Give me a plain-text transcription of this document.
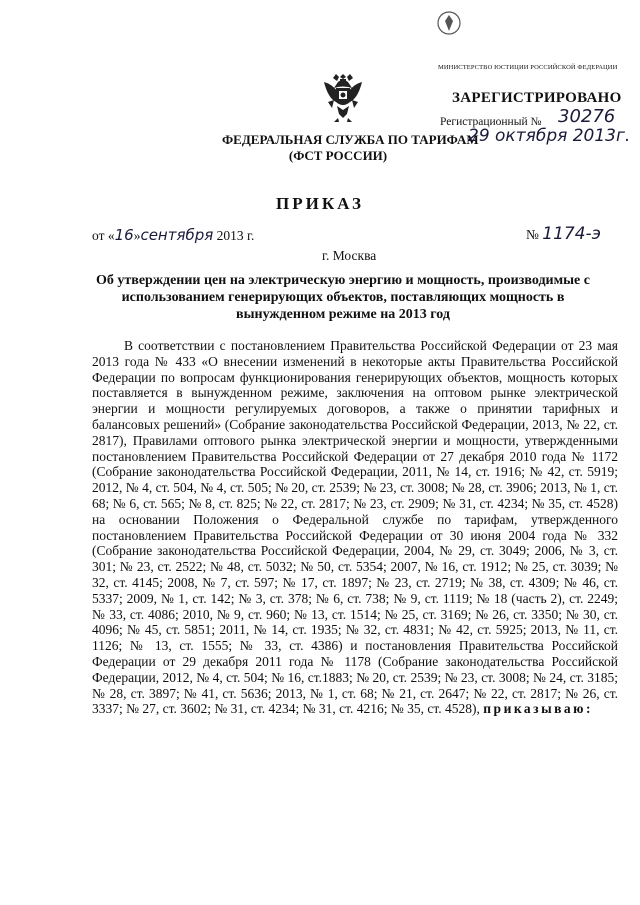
МИНИСТЕРСТВО ЮСТИЦИИ РОССИЙСКОЙ ФЕДЕРАЦИИ
ЗАРЕГИСТРИРОВАНО
Регистрационный № 30276
ФЕДЕРАЛЬНАЯ СЛУЖБА ПО ТАРИФАМ
29 октября 2013г.
(ФСТ РОССИИ)
ПРИКАЗ
от «16»сентября 2013 г.	№ 1174-э
г. Москва
Об утверждении цен на электрическую энергию и мощность, производимые с использованием генерирующих объектов, поставляющих мощность в вынужденном режиме на 2013 год

В соответствии с постановлением Правительства Российской Федерации от 23 мая 2013 года № 433 «О внесении изменений в некоторые акты Правительства Российской Федерации по вопросам функционирования генерирующих объектов, мощность которых поставляется в вынужденном режиме, заключения на оптовом рынке электрической энергии и мощности регулируемых договоров, а также о принятии тарифных и балансовых решений» (Собрание законодательства Российской Федерации, 2013, № 22, ст. 2817), Правилами оптового рынка электрической энергии и мощности, утвержденными постановлением Правительства Российской Федерации от 27 декабря 2010 года № 1172 (Собрание законодательства Российской Федерации, 2011, № 14, ст. 1916; № 42, ст. 5919; 2012, № 4, ст. 504, № 4, ст. 505; № 20, ст. 2539; № 23, ст. 3008; № 28, ст. 3906; 2013, № 1, ст. 68; № 6, ст. 565; № 8, ст. 825; № 22, ст. 2817; № 23, ст. 2909; № 31, ст. 4234; № 35, ст. 4528) на основании Положения о Федеральной службе по тарифам, утвержденного постановлением Правительства Российской Федерации от 30 июня 2004 года № 332 (Собрание законодательства Российской Федерации, 2004, № 29, ст. 3049; 2006, № 3, ст. 301; № 23, ст. 2522; № 48, ст. 5032; № 50, ст. 5354; 2007, № 16, ст. 1912; № 25, ст. 3039; № 32, ст. 4145; 2008, № 7, ст. 597; № 17, ст. 1897; № 23, ст. 2719; № 38, ст. 4309; № 46, ст. 5337; 2009, № 1, ст. 142; № 3, ст. 378; № 6, ст. 738; № 9, ст. 1119; № 18 (часть 2), ст. 2249; № 33, ст. 4086; 2010, № 9, ст. 960; № 13, ст. 1514; № 25, ст. 3169; № 26, ст. 3350; № 30, ст. 4096; № 45, ст. 5851; 2011, № 14, ст. 1935; № 32, ст. 4831; № 42, ст. 5925; 2013, № 11, ст. 1126; № 13, ст. 1555; № 33, ст. 4386) и постановления Правительства Российской Федерации от 29 декабря 2011 года № 1178 (Собрание законодательства Российской Федерации, 2012, № 4, ст. 504; № 16, ст.1883; № 20, ст. 2539; № 23, ст. 3008; № 24, ст. 3185; № 28, ст. 3897; № 41, ст. 5636; 2013, № 1, ст. 68; № 21, ст. 2647; № 22, ст. 2817; № 26, ст. 3337; № 27, ст. 3602; № 31, ст. 4234; № 31, ст. 4216; № 35, ст. 4528), приказываю:
